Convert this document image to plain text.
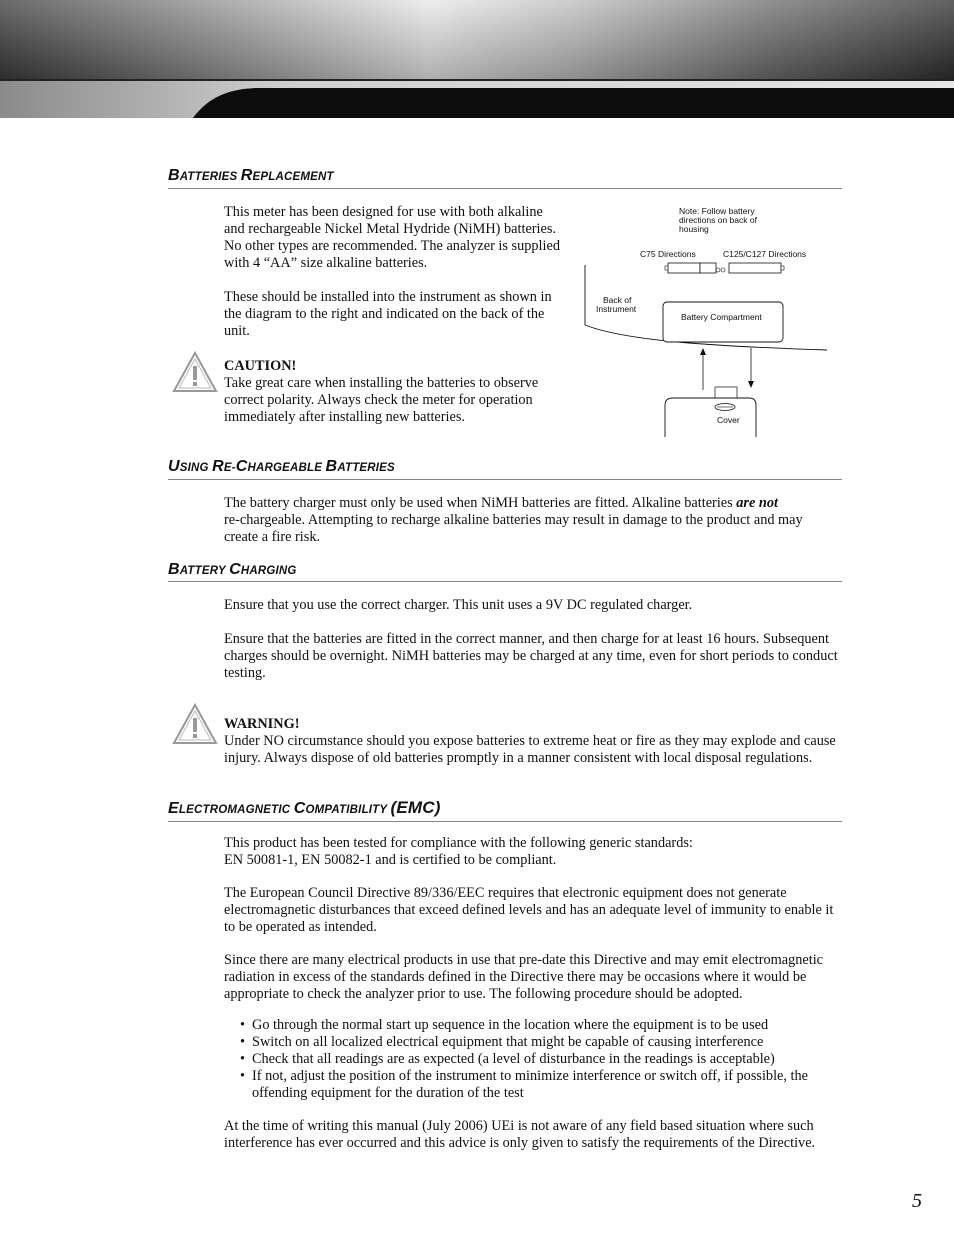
BATTERIES REPLACEMENT

This meter has been designed for use with both alkaline and rechargeable Nickel Metal Hydride (NiMH) batteries. No other types are recommended. The analyzer is supplied with 4 “AA” size alkaline batteries.

These should be installed into the instrument as shown in the diagram to the right and indicated on the back of the unit.

CAUTION!

Take great care when installing the batteries to observe correct polarity. Always check the meter for operation immediately after installing new batteries.

Note: Follow battery
directions on back of
housing
C75 Directions	C125/C127 Directions
Back of
Instrument
Battery Compartment
Cover
USING RE-CHARGEABLE BATTERIES

The battery charger must only be used when NiMH batteries are fitted. Alkaline batteries are not
re-chargeable. Attempting to recharge alkaline batteries may result in damage to the product and may create a fire risk.

BATTERY CHARGING

Ensure that you use the correct charger. This unit uses a 9V DC regulated charger.

Ensure that the batteries are fitted in the correct manner, and then charge for at least 16 hours. Subsequent charges should be overnight. NiMH batteries may be charged at any time, even for short periods to conduct testing.

WARNING!

Under NO circumstance should you expose batteries to extreme heat or fire as they may explode and cause injury. Always dispose of old batteries promptly in a manner consistent with local disposal regulations.

ELECTROMAGNETIC COMPATIBILITY (EMC)

This product has been tested for compliance with the following generic standards:
EN 50081-1, EN 50082-1 and is certified to be compliant.

The European Council Directive 89/336/EEC requires that electronic equipment does not generate electromagnetic disturbances that exceed defined levels and has an adequate level of immunity to enable it to be operated as intended.

Since there are many electrical products in use that pre-date this Directive and may emit electromagnetic radiation in excess of the standards defined in the Directive there may be occasions where it would be appropriate to check the analyzer prior to use. The following procedure should be adopted.

• Go through the normal start up sequence in the location where the equipment is to be used
• Switch on all localized electrical equipment that might be capable of causing interference
• Check that all readings are as expected (a level of disturbance in the readings is acceptable)
• If not, adjust the position of the instrument to minimize interference or switch off, if possible, the offending equipment for the duration of the test

At the time of writing this manual (July 2006) UEi is not aware of any field based situation where such interference has ever occurred and this advice is only given to satisfy the requirements of the Directive.

5
